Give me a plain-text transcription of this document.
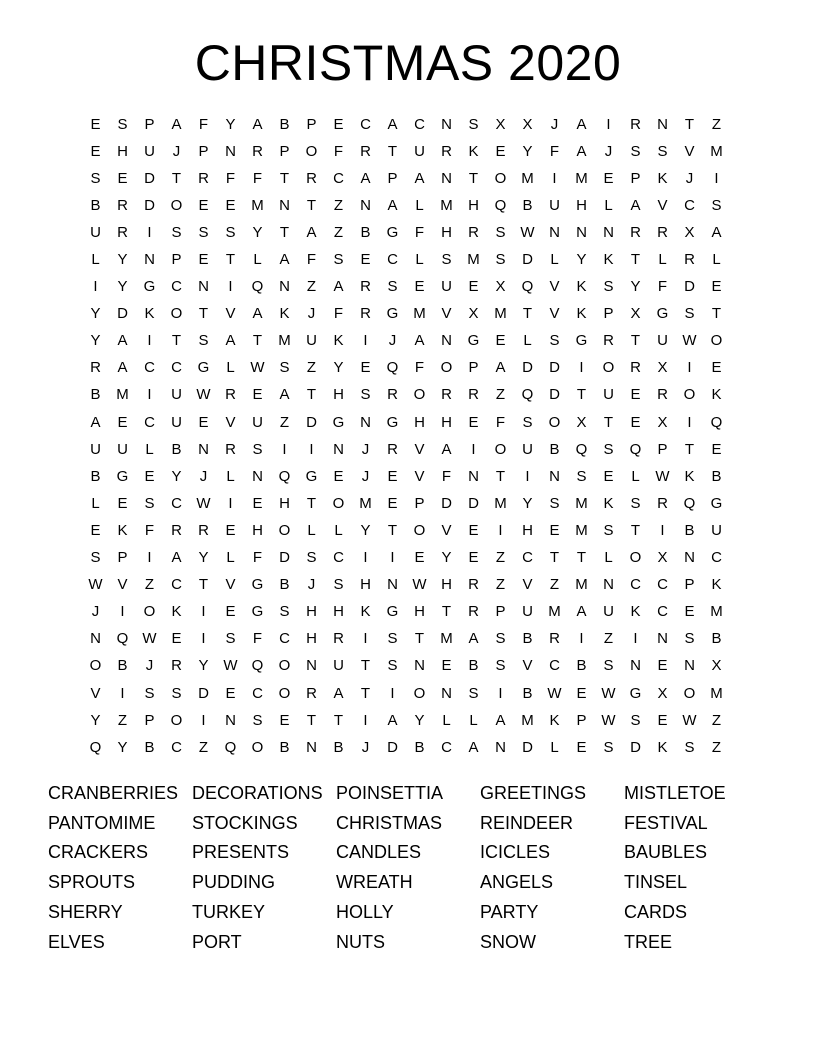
CHRISTMAS 2020
E	S	P	A	F	Y	A	B	P	E	C	A	C	N	S	X	X	J	A	I	R	N	T	Z
E	H	U	J	P	N	R	P	O	F	R	T	U	R	K	E	Y	F	A	J	S	S	V	M
S	E	D	T	R	F	F	T	R	C	A	P	A	N	T	O M	I	M	E	P	K	J	I
B	R	D	O	E	E	M	N	T	Z	N	A	L	M	H	Q	B	U	H	L	A	V	C	S
U	R	I	S	S	S	Y	T	A	Z	B	G	F	H	R	S W N	N	N	R	R	X	A
L	Y	N	P	E	T	L	A	F	S	E	C	L	S	M	S	D	L	Y	K	T	L	R	L
I	Y	G	C	N	I	Q	N	Z	A	R	S	E	U	E	X	Q	V	K	S	Y	F	D	E
Y	D	K	O	T	V	A	K	J	F	R	G M	V	X	M	T	V	K	P	X	G	S	T
Y	A	I	T	S	A	T	M	U	K	I	J	A	N	G	E	L	S	G	R	T	U W O
R	A	C	C	G	L	W S	Z	Y	E	Q	F	O	P	A	D	D	I	O	R	X	I	E
B	M	I	U W R	E	A	T	H	S	R	O	R	R	Z	Q	D	T	U	E	R	O	K
A	E	C	U	E	V	U	Z	D	G	N	G	H	H	E	F	S	O	X	T	E	X	I	Q
U	U	L	B	N	R	S	I	I	N	J	R	V	A	I	O	U	B	Q	S	Q	P	T	E
B	G	E	Y	J	L	N	Q	G	E	J	E	V	F	N	T	I	N	S	E	L	W K	B
L	E	S	C W	I	E	H	T	O M	E	P	D	D	M	Y	S	M	K	S	R	Q	G
E	K	F	R	R	E	H	O	L	L	Y	T	O	V	E	I	H	E	M	S	T	I	B	U
S	P	I	A	Y	L	F	D	S	C	I	I	E	Y	E	Z	C	T	T	L	O	X	N	C
W V	Z	C	T	V	G	B	J	S	H	N W H	R	Z	V	Z	M	N	C	C	P	K
J	I	O	K	I	E	G	S	H	H	K	G	H	T	R	P	U	M	A	U	K	C	E	M
N	Q W E	I	S	F	C	H	R	I	S	T	M	A	S	B	R	I	Z	I	N	S	B
O	B	J	R	Y W Q	O	N	U	T	S	N	E	B	S	V	C	B	S	N	E	N	X
V	I	S	S	D	E	C	O	R	A	T	I	O	N	S	I	B W E W G	X	O M
Y	Z	P	O	I	N	S	E	T	T	I	A	Y	L	L	A	M	K	P W S	E W	Z
Q	Y	B	C	Z	Q	O	B	N	B	J	D	B	C	A	N	D	L	E	S	D	K	S	Z
CRANBERRIES DECORATIONS POINSETTIA	GREETINGS	MISTLETOE
PANTOMIME	STOCKINGS	CHRISTMAS	REINDEER	FESTIVAL
CRACKERS	PRESENTS	CANDLES	ICICLES	BAUBLES
SPROUTS	PUDDING	WREATH	ANGELS	TINSEL
SHERRY	TURKEY	HOLLY	PARTY	CARDS
ELVES	PORT	NUTS	SNOW	TREE
